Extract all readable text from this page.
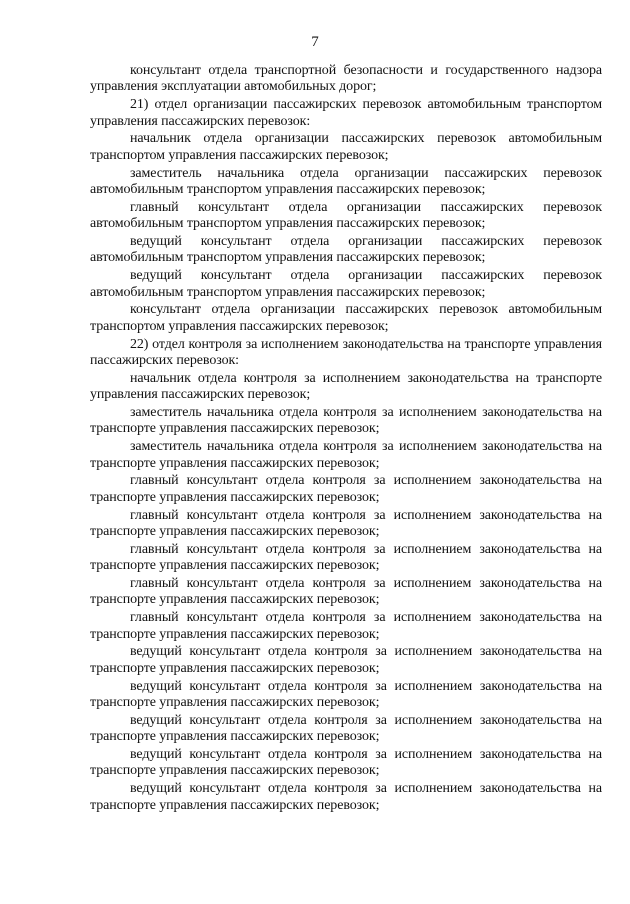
7

консультант отдела транспортной безопасности и государственного надзора управления эксплуатации автомобильных дорог;

21) отдел организации пассажирских перевозок автомобильным транспортом управления пассажирских перевозок:

начальник отдела организации пассажирских перевозок автомобильным транспортом управления пассажирских перевозок;

заместитель начальника отдела организации пассажирских перевозок автомобильным транспортом управления пассажирских перевозок;

главный консультант отдела организации пассажирских перевозок автомобильным транспортом управления пассажирских перевозок;

ведущий консультант отдела организации пассажирских перевозок автомобильным транспортом управления пассажирских перевозок;

ведущий консультант отдела организации пассажирских перевозок автомобильным транспортом управления пассажирских перевозок;

консультант отдела организации пассажирских перевозок автомобильным транспортом управления пассажирских перевозок;

22) отдел контроля за исполнением законодательства на транспорте управления пассажирских перевозок:

начальник отдела контроля за исполнением законодательства на транспорте управления пассажирских перевозок;

заместитель начальника отдела контроля за исполнением законодательства на транспорте управления пассажирских перевозок;

заместитель начальника отдела контроля за исполнением законодательства на транспорте управления пассажирских перевозок;

главный консультант отдела контроля за исполнением законодательства на транспорте управления пассажирских перевозок;

главный консультант отдела контроля за исполнением законодательства на транспорте управления пассажирских перевозок;

главный консультант отдела контроля за исполнением законодательства на транспорте управления пассажирских перевозок;

главный консультант отдела контроля за исполнением законодательства на транспорте управления пассажирских перевозок;

главный консультант отдела контроля за исполнением законодательства на транспорте управления пассажирских перевозок;

ведущий консультант отдела контроля за исполнением законодательства на транспорте управления пассажирских перевозок;

ведущий консультант отдела контроля за исполнением законодательства на транспорте управления пассажирских перевозок;

ведущий консультант отдела контроля за исполнением законодательства на транспорте управления пассажирских перевозок;

ведущий консультант отдела контроля за исполнением законодательства на транспорте управления пассажирских перевозок;

ведущий консультант отдела контроля за исполнением законодательства на транспорте управления пассажирских перевозок;
